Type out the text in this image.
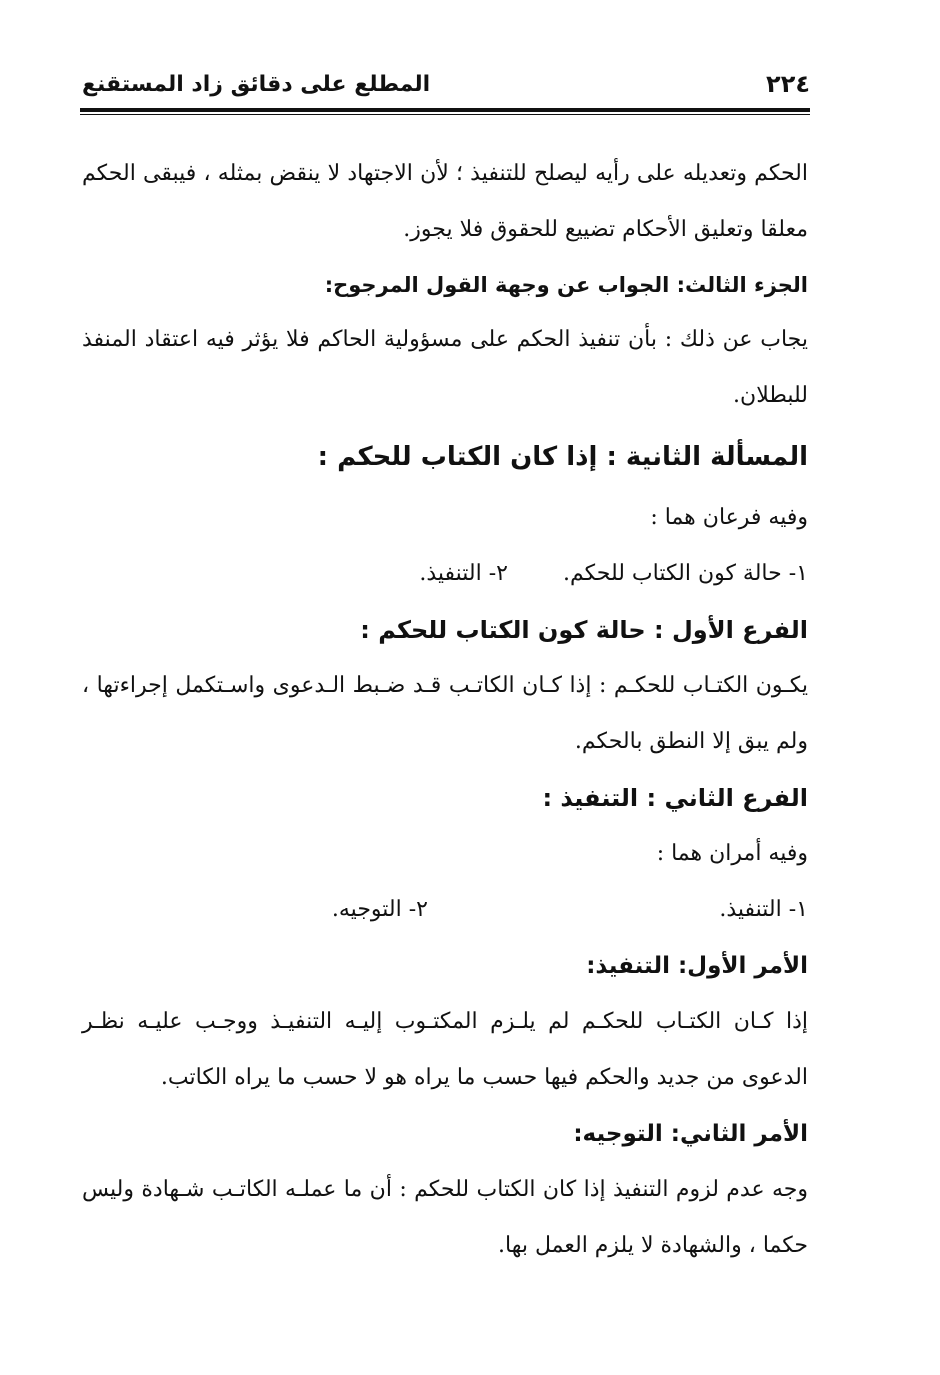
٢٢٤
المطلع على دقائق زاد المستقنع

الحكم وتعديله على رأيه ليصلح للتنفيذ ؛ لأن الاجتهاد لا ينقض بمثله ، فيبقى الحكم معلقا وتعليق الأحكام تضييع للحقوق فلا يجوز.

الجزء الثالث: الجواب عن وجهة القول المرجوح:

يجاب عن ذلك : بأن تنفيذ الحكم على مسؤولية الحاكم فلا يؤثر فيه اعتقاد المنفذ للبطلان.

المسألة الثانية : إذا كان الكتاب للحكم :

وفيه فرعان هما :

١- حالة كون الكتاب للحكم.
٢- التنفيذ.

الفرع الأول : حالة كون الكتاب للحكم :

يكـون الكتـاب للحكـم : إذا كـان الكاتـب قـد ضـبط الـدعوى واسـتكمل إجراءتها ، ولم يبق إلا النطق بالحكم.

الفرع الثاني : التنفيذ :

وفيه أمران هما :

١- التنفيذ.
٢- التوجيه.

الأمر الأول: التنفيذ:

إذا كـان الكتـاب للحكـم لم يلـزم المكتـوب إليـه التنفيـذ ووجـب عليـه نظـر الدعوى من جديد والحكم فيها حسب ما يراه هو لا حسب ما يراه الكاتب.

الأمر الثاني: التوجيه:

وجه عدم لزوم التنفيذ إذا كان الكتاب للحكم : أن ما عملـه الكاتـب شـهادة وليس حكما ، والشهادة لا يلزم العمل بها.
